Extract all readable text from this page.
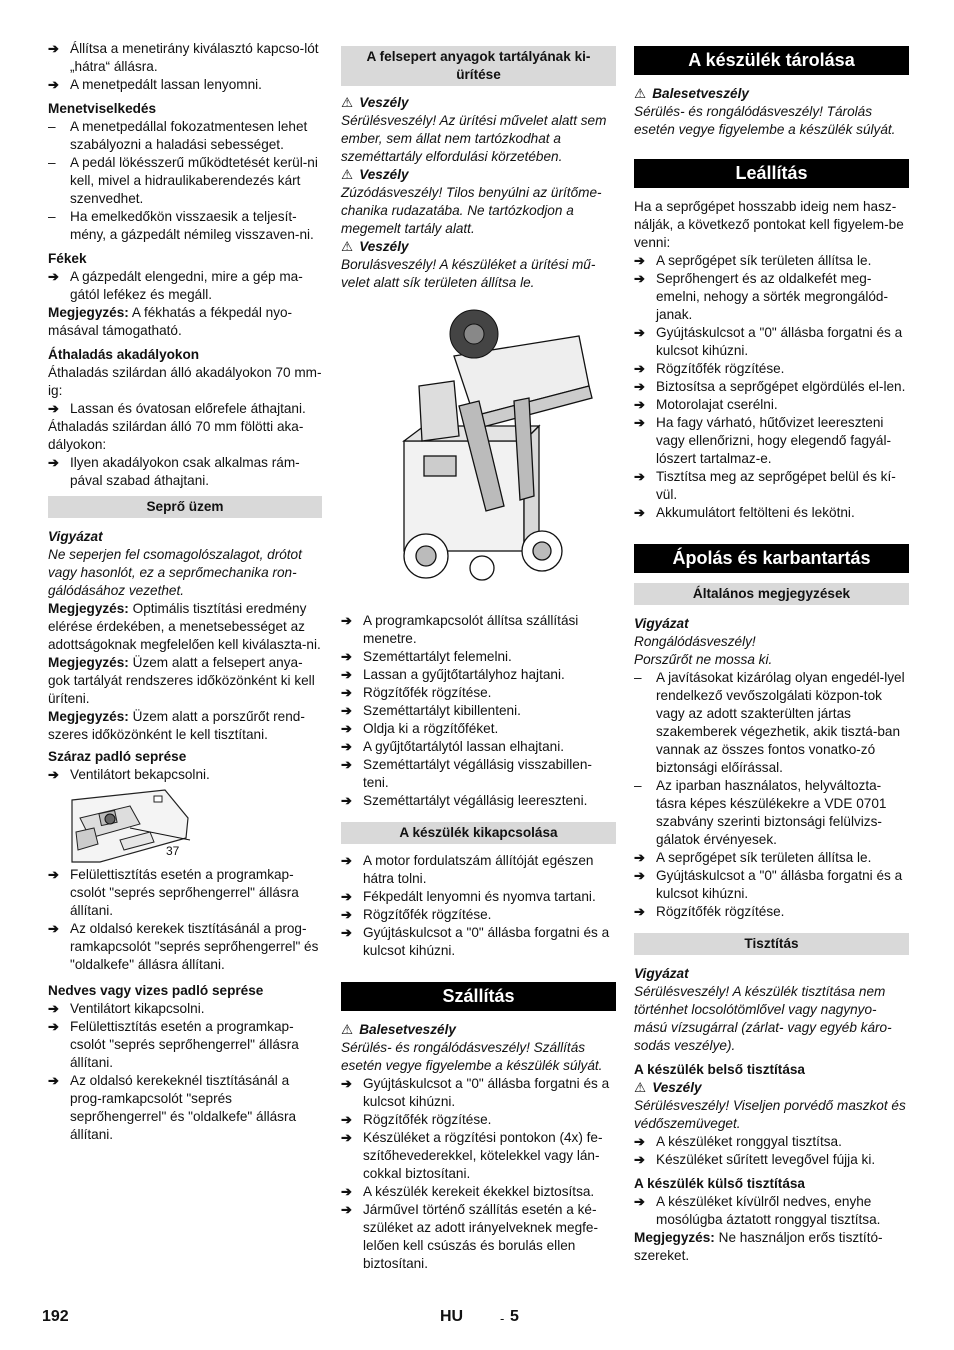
➔ Állítsa a menetirány kiválasztó kapcso-lót „hátra“ állásra.
➔ A menetpedált lassan lenyomni.
Menetviselkedés
– A menetpedállal fokozatmentesen lehet szabályozni a haladási sebességet.
– A pedál lökésszerű működtetését kerül-ni kell, mivel a hidraulikaberendezés kárt szenvedhet.
– Ha emelkedőkön visszaesik a teljesít-mény, a gázpedált némileg visszaven-ni.
Fékek
➔ A gázpedált elengedni, mire a gép ma-gától lefékez és megáll.
Megjegyzés: A fékhatás a fékpedál nyo-másával támogatható.
Áthaladás akadályokon
Áthaladás szilárdan álló akadályokon 70 mm-ig:
➔ Lassan és óvatosan előrefele áthajtani.
Áthaladás szilárdan álló 70 mm fölötti aka-dályokon:
➔ Ilyen akadályokon csak alkalmas rám-pával szabad áthajtani.
Seprő üzem
Vigyázat
Ne seperjen fel csomagolószalagot, drótot vagy hasonlót, ez a seprőmechanika ron-gálódásához vezethet.
Megjegyzés: Optimális tisztítási eredmény elérése érdekében, a menetsebességet az adottságoknak megfelelően kell kiválaszta-ni.
Megjegyzés: Üzem alatt a felsepert anya-gok tartályát rendszeres időközönként ki kell üríteni.
Megjegyzés: Üzem alatt a porszűrőt rend-szeres időközönként le kell tisztítani.
Száraz padló seprése
➔ Ventilátort bekapcsolni.
37
➔ Felülettisztítás esetén a programkap-csolót "seprés seprőhengerrel" állásra állítani.
➔ Az oldalsó kerekek tisztításánál a prog-ramkapcsolót "seprés seprőhengerrel" és "oldalkefe" állásra állítani.
Nedves vagy vizes padló seprése
➔ Ventilátort kikapcsolni.
➔ Felülettisztítás esetén a programkap-csolót "seprés seprőhengerrel" állásra állítani.
➔ Az oldalsó kerekeknél tisztításánál a prog-ramkapcsolót "seprés seprőhengerrel" és "oldalkefe" állásra állítani.
A felsepert anyagok tartályának ki-ürítése
⚠ Veszély
Sérülésveszély! Az ürítési művelet alatt sem ember, sem állat nem tartózkodhat a szeméttartály elfordulási körzetében.
⚠ Veszély
Zúzódásveszély! Tilos benyúlni az ürítőme-chanika rudazatába. Ne tartózkodjon a megemelt tartály alatt.
⚠ Veszély
Borulásveszély! A készüléket a ürítési mű-velet alatt sík területen állítsa le.
➔ A programkapcsolót állítsa szállítási menetre.
➔ Szeméttartályt felemelni.
➔ Lassan a gyűjtőtartályhoz hajtani.
➔ Rögzítőfék rögzítése.
➔ Szeméttartályt kibillenteni.
➔ Oldja ki a rögzítőféket.
➔ A gyűjtőtartálytól lassan elhajtani.
➔ Szeméttartályt végállásig visszabillen-teni.
➔ Szeméttartályt végállásig leereszteni.
A készülék kikapcsolása
➔ A motor fordulatszám állítóját egészen hátra tolni.
➔ Fékpedált lenyomni és nyomva tartani.
➔ Rögzítőfék rögzítése.
➔ Gyújtáskulcsot a "0" állásba forgatni és a kulcsot kihúzni.
Szállítás
⚠ Balesetveszély
Sérülés- és rongálódásveszély! Szállítás esetén vegye figyelembe a készülék súlyát.
➔ Gyújtáskulcsot a "0" állásba forgatni és a kulcsot kihúzni.
➔ Rögzítőfék rögzítése.
➔ Készüléket a rögzítési pontokon (4x) fe-szítőhevederekkel, kötelekkel vagy lán-cokkal biztosítani.
➔ A készülék kerekeit ékekkel biztosítsa.
➔ JárműveI történő szállítás esetén a ké-szüléket az adott irányelveknek megfe-lelően kell csúszás és borulás ellen biztosítani.
A készülék tárolása
⚠ Balesetveszély
Sérülés- és rongálódásveszély! Tárolás esetén vegye figyelembe a készülék súlyát.
Leállítás
Ha a seprőgépet hosszabb ideig nem hasz-nálják, a következő pontokat kell figyelem-be venni:
➔ A seprőgépet sík területen állítsa le.
➔ Seprőhengert és az oldalkefét meg-emelni, nehogy a sörték megrongálód-janak.
➔ Gyújtáskulcsot a "0" állásba forgatni és a kulcsot kihúzni.
➔ Rögzítőfék rögzítése.
➔ Biztosítsa a seprőgépet elgördülés el-len.
➔ Motorolajat cserélni.
➔ Ha fagy várható, hűtővizet leereszteni vagy ellenőrizni, hogy elegendő fagyál-lószert tartalmaz-e.
➔ Tisztítsa meg az seprőgépet belül és kí-vül.
➔ Akkumulátort feltölteni és lekötni.
Ápolás és karbantartás
Általános megjegyzések
Vigyázat
Rongálódásveszély!
Porszűrőt ne mossa ki.
– A javításokat kizárólag olyan engedél-lyel rendelkező vevőszolgálati közpon-tok vagy az adott szakterülten jártas szakemberek végezhetik, akik tisztá-ban vannak az összes fontos vonatko-zó biztonsági előírással.
– Az iparban használatos, helyváltozta-tásra képes készülékekre a VDE 0701 szabvány szerinti biztonsági felülvizs-gálatok érvényesek.
➔ A seprőgépet sík területen állítsa le.
➔ Gyújtáskulcsot a "0" állásba forgatni és a kulcsot kihúzni.
➔ Rögzítőfék rögzítése.
Tisztítás
Vigyázat
Sérülésveszély! A készülék tisztítása nem történhet locsolótömlővel vagy nagynyo-mású vízsugárral (zárlat- vagy egyéb káro-sodás veszélye).
A készülék belső tisztítása
⚠ Veszély
Sérülésveszély! Viseljen porvédő maszkot és védőszemüveget.
➔ A készüléket ronggyal tisztítsa.
➔ Készüléket sűrített levegővel fújja ki.
A készülék külső tisztítása
➔ A készüléket kívülről nedves, enyhe mosólúgba áztatott ronggyal tisztítsa.
Megjegyzés: Ne használjon erős tisztító-szereket.
192	HU	- 5
